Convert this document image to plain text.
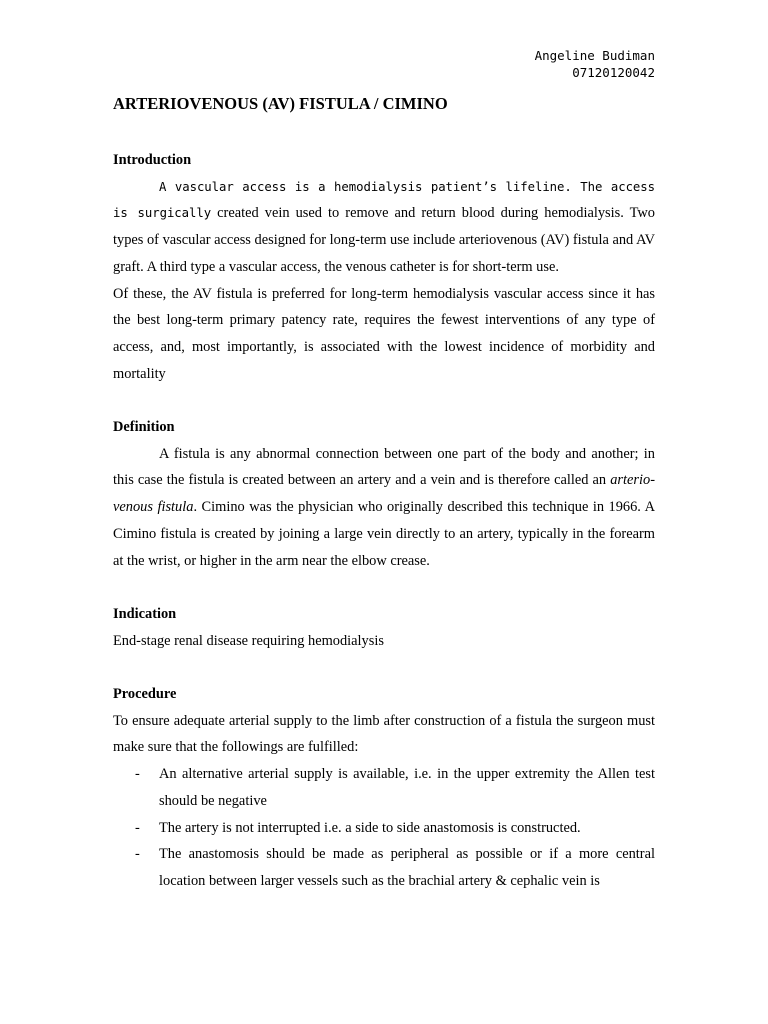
Angeline Budiman
07120120042
ARTERIOVENOUS (AV) FISTULA / CIMINO
Introduction

A vascular access is a hemodialysis patient’s lifeline. The access is surgically created vein used to remove and return blood during hemodialysis. Two types of vascular access designed for long-term use include arteriovenous (AV) fistula and AV graft. A third type a vascular access, the venous catheter is for short-term use.

Of these, the AV fistula is preferred for long-term hemodialysis vascular access since it has the best long-term primary patency rate, requires the fewest interventions of any type of access, and, most importantly, is associated with the lowest incidence of morbidity and mortality

Definition

A fistula is any abnormal connection between one part of the body and another; in this case the fistula is created between an artery and a vein and is therefore called an arterio-venous fistula. Cimino was the physician who originally described this technique in 1966. A Cimino fistula is created by joining a large vein directly to an artery, typically in the forearm at the wrist, or higher in the arm near the elbow crease.

Indication

End-stage renal disease requiring hemodialysis

Procedure

To ensure adequate arterial supply to the limb after construction of a fistula the surgeon must make sure that the followings are fulfilled:

- An alternative arterial supply is available, i.e. in the upper extremity the Allen test should be negative
- The artery is not interrupted i.e. a side to side anastomosis is constructed.
- The anastomosis should be made as peripheral as possible or if a more central location between larger vessels such as the brachial artery & cephalic vein is
